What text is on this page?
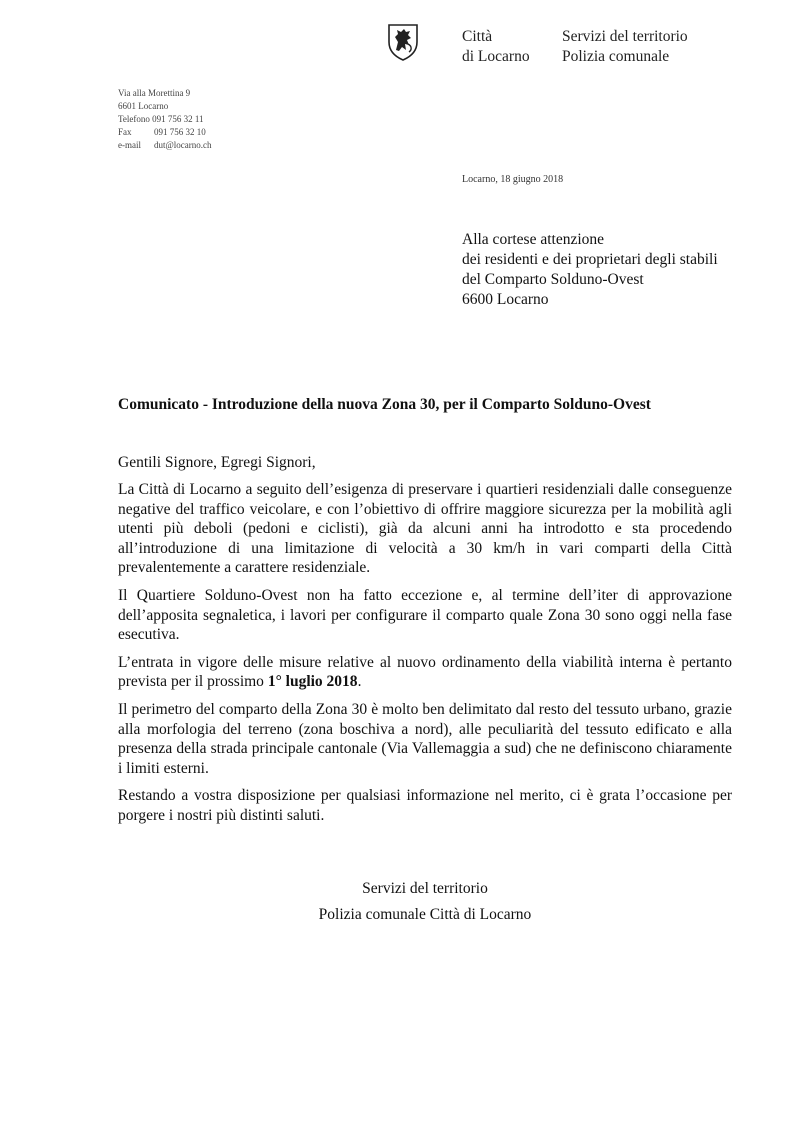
Città
di Locarno
Servizi del territorio
Polizia comunale
Via alla Morettina 9
6601 Locarno
Telefono
091 756 32 11
Fax	091 756 32 10
e-mail	dut@locarno.ch
Locarno, 18 giugno 2018
Alla cortese attenzione
dei residenti e dei proprietari degli stabili
del Comparto Solduno-Ovest
6600 Locarno
Comunicato - Introduzione della nuova Zona 30, per il Comparto Solduno-Ovest
Gentili Signore, Egregi Signori,

La Città di Locarno a seguito dell’esigenza di preservare i quartieri residenziali dalle conseguenze negative del traffico veicolare, e con l’obiettivo di offrire maggiore sicurezza per la mobilità agli utenti più deboli (pedoni e ciclisti), già da alcuni anni ha introdotto e sta procedendo all’introduzione di una limitazione di velocità a 30 km/h in vari comparti della Città prevalentemente a carattere residenziale.

Il Quartiere Solduno-Ovest non ha fatto eccezione e, al termine dell’iter di approvazione dell’apposita segnaletica, i lavori per configurare il comparto quale Zona 30 sono oggi nella fase esecutiva.

L’entrata in vigore delle misure relative al nuovo ordinamento della viabilità interna è pertanto prevista per il prossimo 1° luglio 2018.

Il perimetro del comparto della Zona 30 è molto ben delimitato dal resto del tessuto urbano, grazie alla morfologia del terreno (zona boschiva a nord), alle peculiarità del tessuto edificato e alla presenza della strada principale cantonale (Via Vallemaggia a sud) che ne definiscono chiaramente i limiti esterni.

Restando a vostra disposizione per qualsiasi informazione nel merito, ci è grata l’occasione per porgere i nostri più distinti saluti.

Servizi del territorio
Polizia comunale Città di Locarno
